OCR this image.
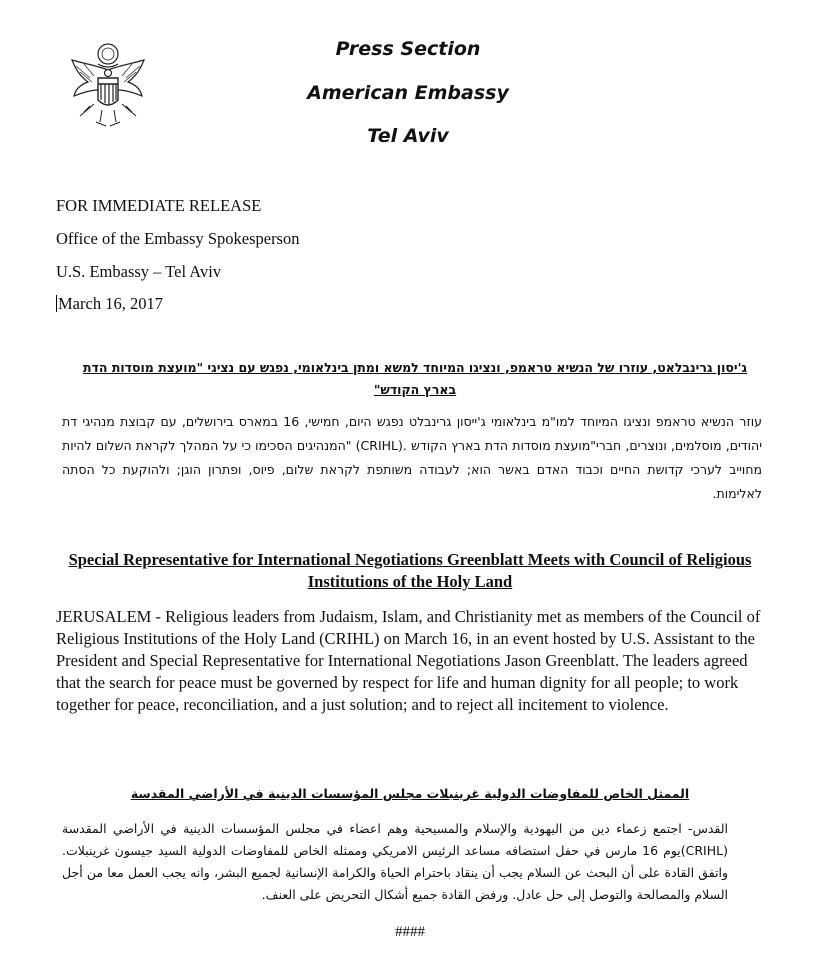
Press Section
American Embassy
Tel Aviv
FOR IMMEDIATE RELEASE
Office of the Embassy Spokesperson
U.S. Embassy – Tel Aviv
March 16, 2017
ג'יסון גרינבלאט, עוזרו של הנשיא טראמפ, ונציגו המיוחד למשא ומתן בינלאומי, נפגש עם נציגי "מועצת מוסדות הדת בארץ הקודש"
עוזר הנשיא טראמפ ונציגו המיוחד למו"מ בינלאומי ג'ייסון גרינבלט נפגש היום, חמישי, 16 במארס בירושלים, עם קבוצת מנהיגי דת יהודים, מוסלמים, ונוצרים, חברי"מועצת מוסדות הדת בארץ הקודש .(CRIHL) "המנהיגים הסכימו כי על המהלך לקראת השלום להיות מחוייב לערכי קדושת החיים וכבוד האדם באשר הוא; לעבודה משותפת לקראת שלום, פיוס, ופתרון הוגן; ולהוקעת כל הסתה לאלימות.
Special Representative for International Negotiations Greenblatt Meets with Council of Religious Institutions of the Holy Land
JERUSALEM - Religious leaders from Judaism, Islam, and Christianity met as members of the Council of Religious Institutions of the Holy Land (CRIHL) on March 16, in an event hosted by U.S. Assistant to the President and Special Representative for International Negotiations Jason Greenblatt. The leaders agreed that the search for peace must be governed by respect for life and human dignity for all people; to work together for peace, reconciliation, and a just solution; and to reject all incitement to violence.
الممثل الخاص للمفاوضات الدولية غرينبلات مجلس المؤسسات الدينية في الأراضي المقدسة
القدس- اجتمع زعماء دين من اليهودية والإسلام والمسيحية وهم اعضاء في مجلس المؤسسات الدينية في الأراضي المقدسة (CRIHL)يوم 16 مارس في حفل استضافه مساعد الرئيس الامريكي وممثله الخاص للمفاوضات الدولية السيد جيسون غرينبلات. واتفق القادة على أن البحث عن السلام يجب أن ينقاد باحترام الحياة والكرامة الإنسانية لجميع البشر، وانه يجب العمل معا من أجل السلام والمصالحة والتوصل إلى حل عادل. ورفض القادة جميع أشكال التحريض على العنف.
####
